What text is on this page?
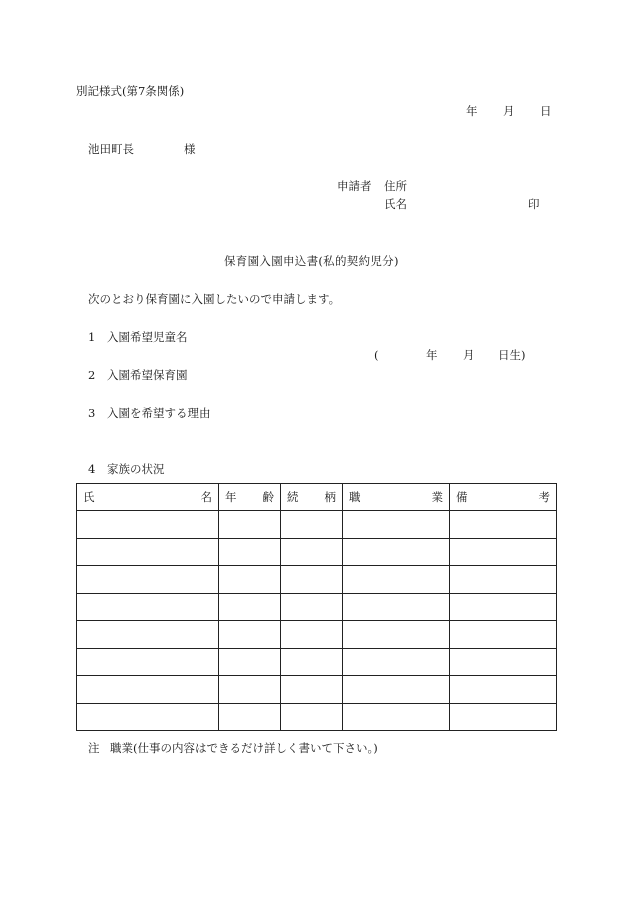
別記様式(第7条関係)
年 月 日
池田町長	様
申請者 住所
氏名	印
保育園入園申込書(私的契約児分)
次のとおり保育園に入園したいので申請します。
1 入園希望児童名
(	年 月 日生)
2 入園希望保育園
3 入園を希望する理由
4 家族の状況
氏 名	年 齢	続 柄	職 業	備 考

注 職業(仕事の内容はできるだけ詳しく書いて下さい。)
